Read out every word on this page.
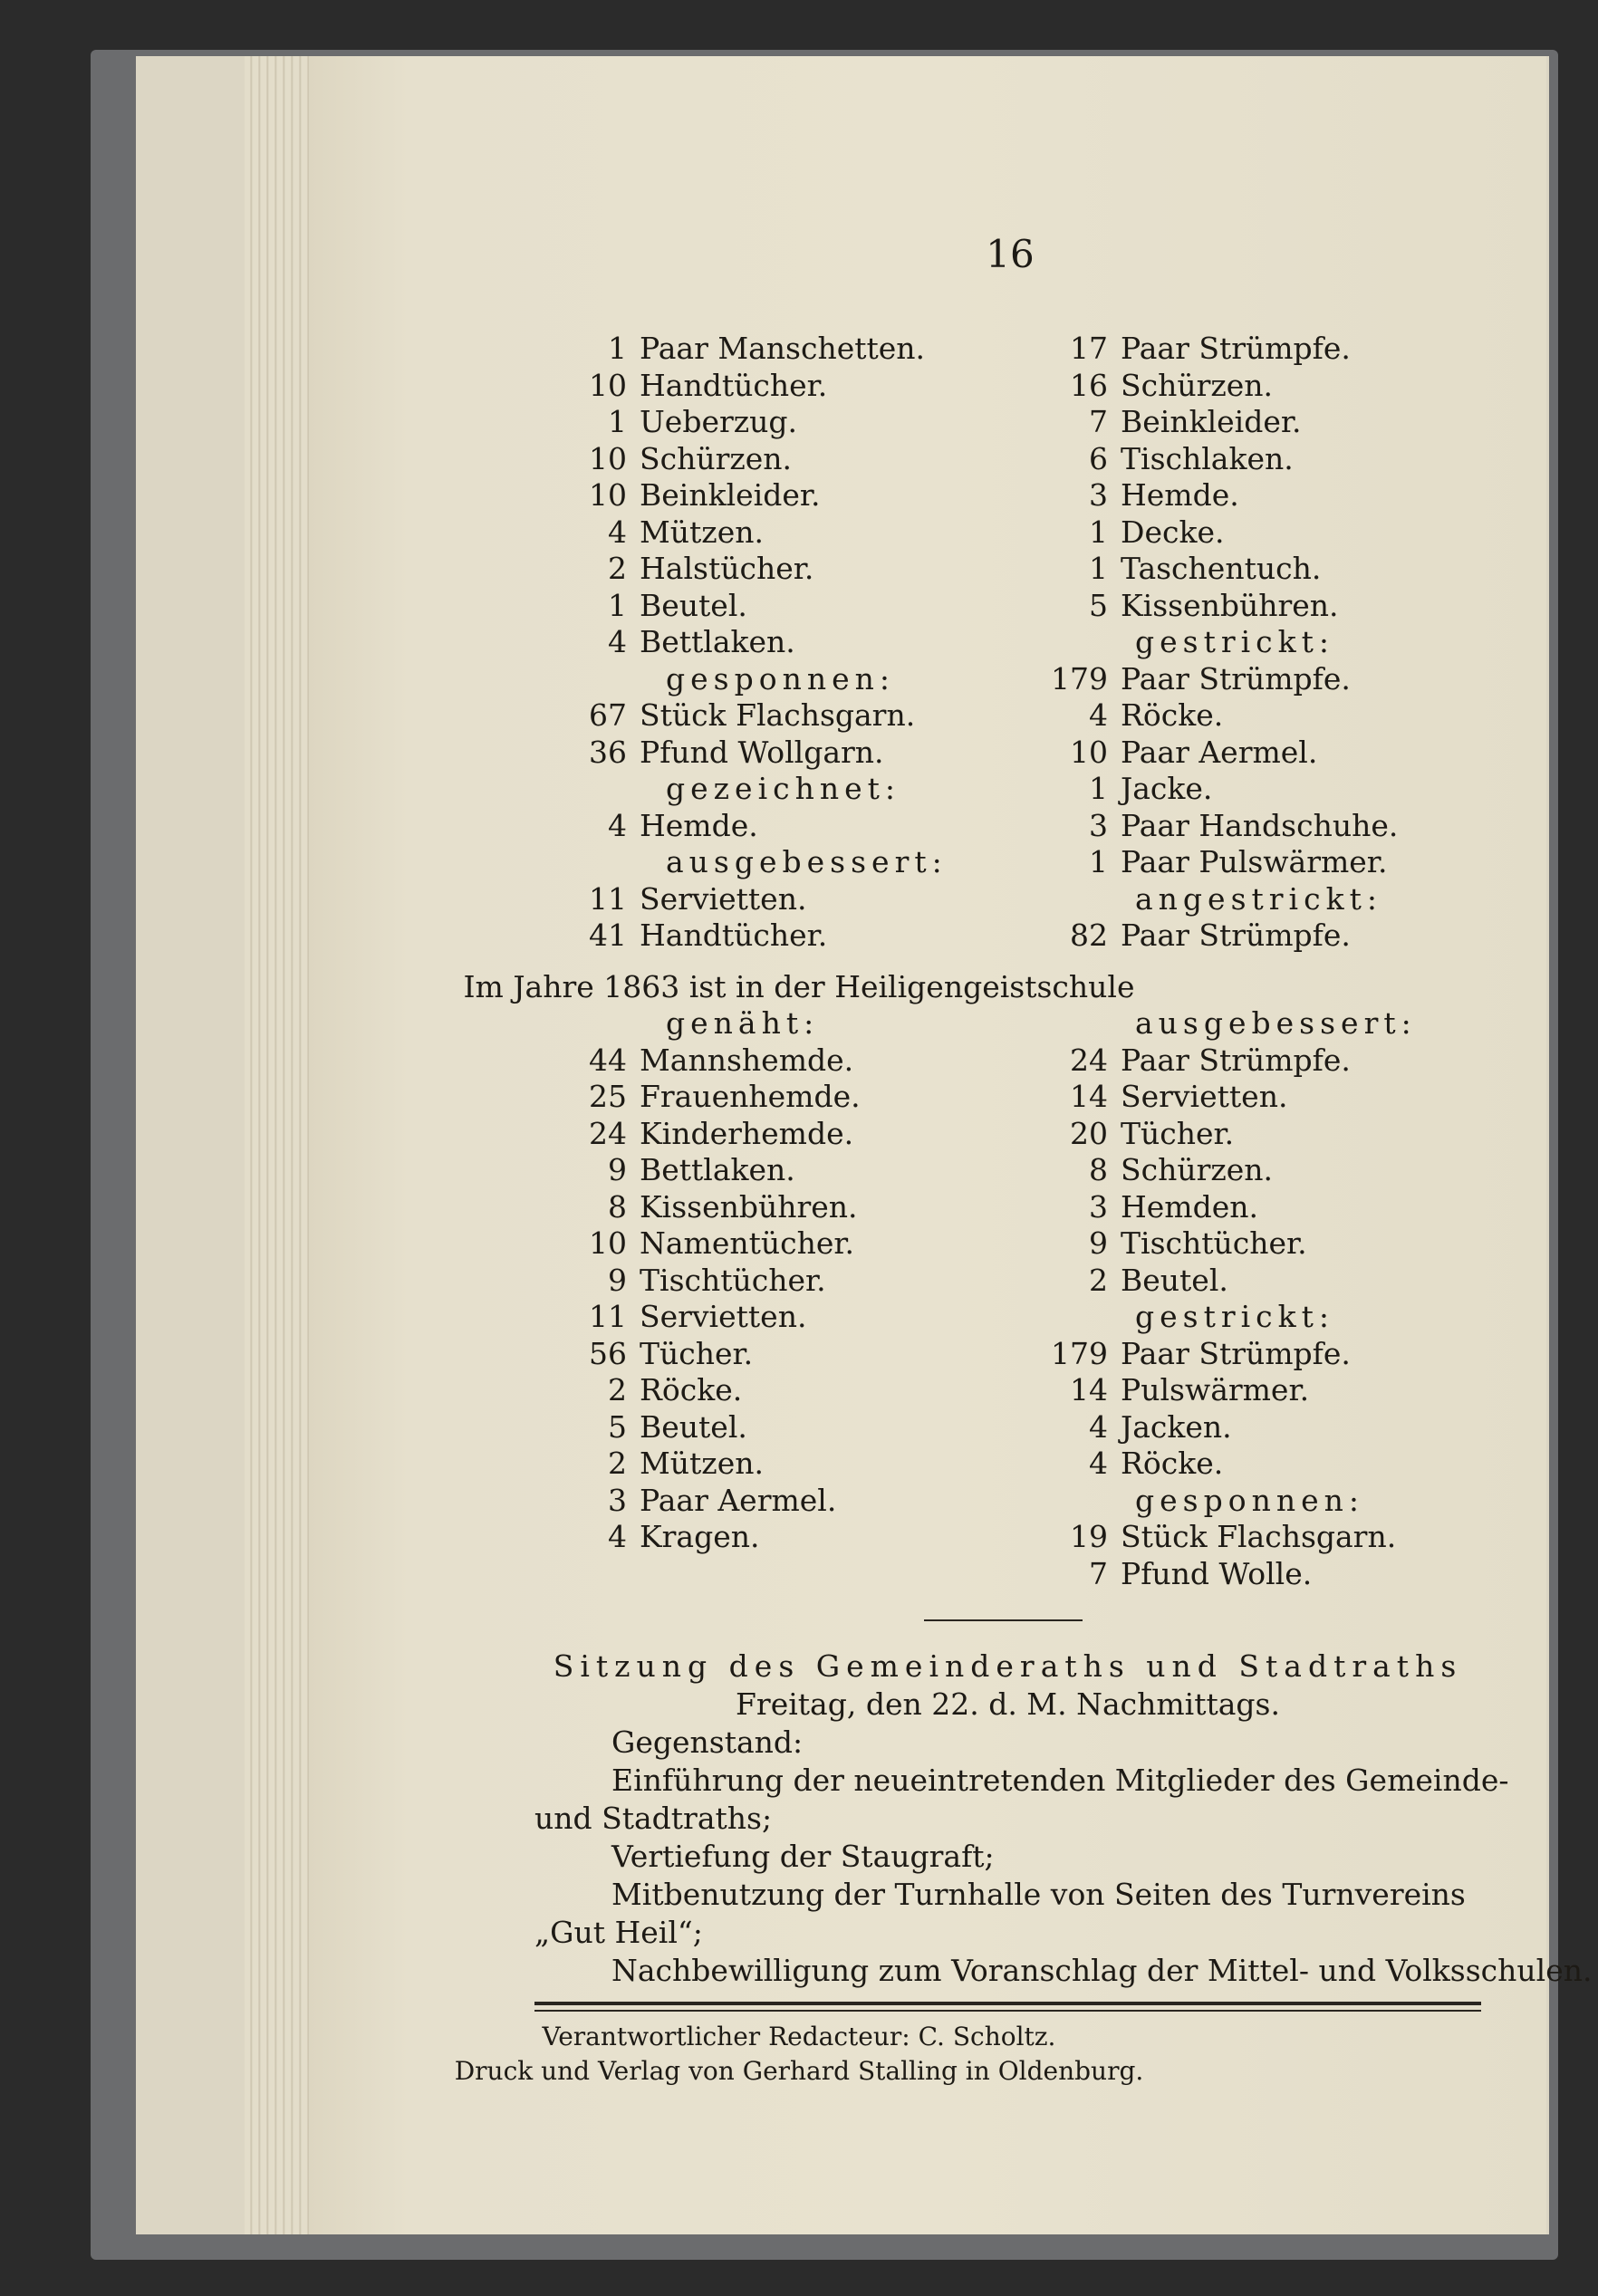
16
1 Paar Manschetten.
10 Handtücher.
1 Ueberzug.
10 Schürzen.
10 Beinkleider.
4 Mützen.
2 Halstücher.
1 Beutel.
4 Bettlaken.
gesponnen:
67 Stück Flachsgarn.
36 Pfund Wollgarn.
gezeichnet:
4 Hemde.
ausgebessert:
11 Servietten.
41 Handtücher.
17 Paar Strümpfe.
16 Schürzen.
7 Beinkleider.
6 Tischlaken.
3 Hemde.
1 Decke.
1 Taschentuch.
5 Kissenbühren.
gestrickt:
179 Paar Strümpfe.
4 Röcke.
10 Paar Aermel.
1 Jacke.
3 Paar Handschuhe.
1 Paar Pulswärmer.
angestrickt:
82 Paar Strümpfe.
Im Jahre 1863 ist in der Heiligengeistschule
genäht:
44 Mannshemde.
25 Frauenhemde.
24 Kinderhemde.
9 Bettlaken.
8 Kissenbühren.
10 Namentücher.
9 Tischtücher.
11 Servietten.
56 Tücher.
2 Röcke.
5 Beutel.
2 Mützen.
3 Paar Aermel.
4 Kragen.
ausgebessert:
24 Paar Strümpfe.
14 Servietten.
20 Tücher.
8 Schürzen.
3 Hemden.
9 Tischtücher.
2 Beutel.
gestrickt:
179 Paar Strümpfe.
14 Pulswärmer.
4 Jacken.
4 Röcke.
gesponnen:
19 Stück Flachsgarn.
7 Pfund Wolle.
Sitzung des Gemeinderaths und Stadtraths
Freitag, den 22. d. M. Nachmittags.
Gegenstand:
Einführung der neueintretenden Mitglieder des Gemeinde-
und Stadtraths;
Vertiefung der Staugraft;
Mitbenutzung der Turnhalle von Seiten des Turnvereins
„Gut Heil“;
Nachbewilligung zum Voranschlag der Mittel- und Volksschulen.
Verantwortlicher Redacteur: C. Scholtz.
Druck und Verlag von Gerhard Stalling in Oldenburg.
